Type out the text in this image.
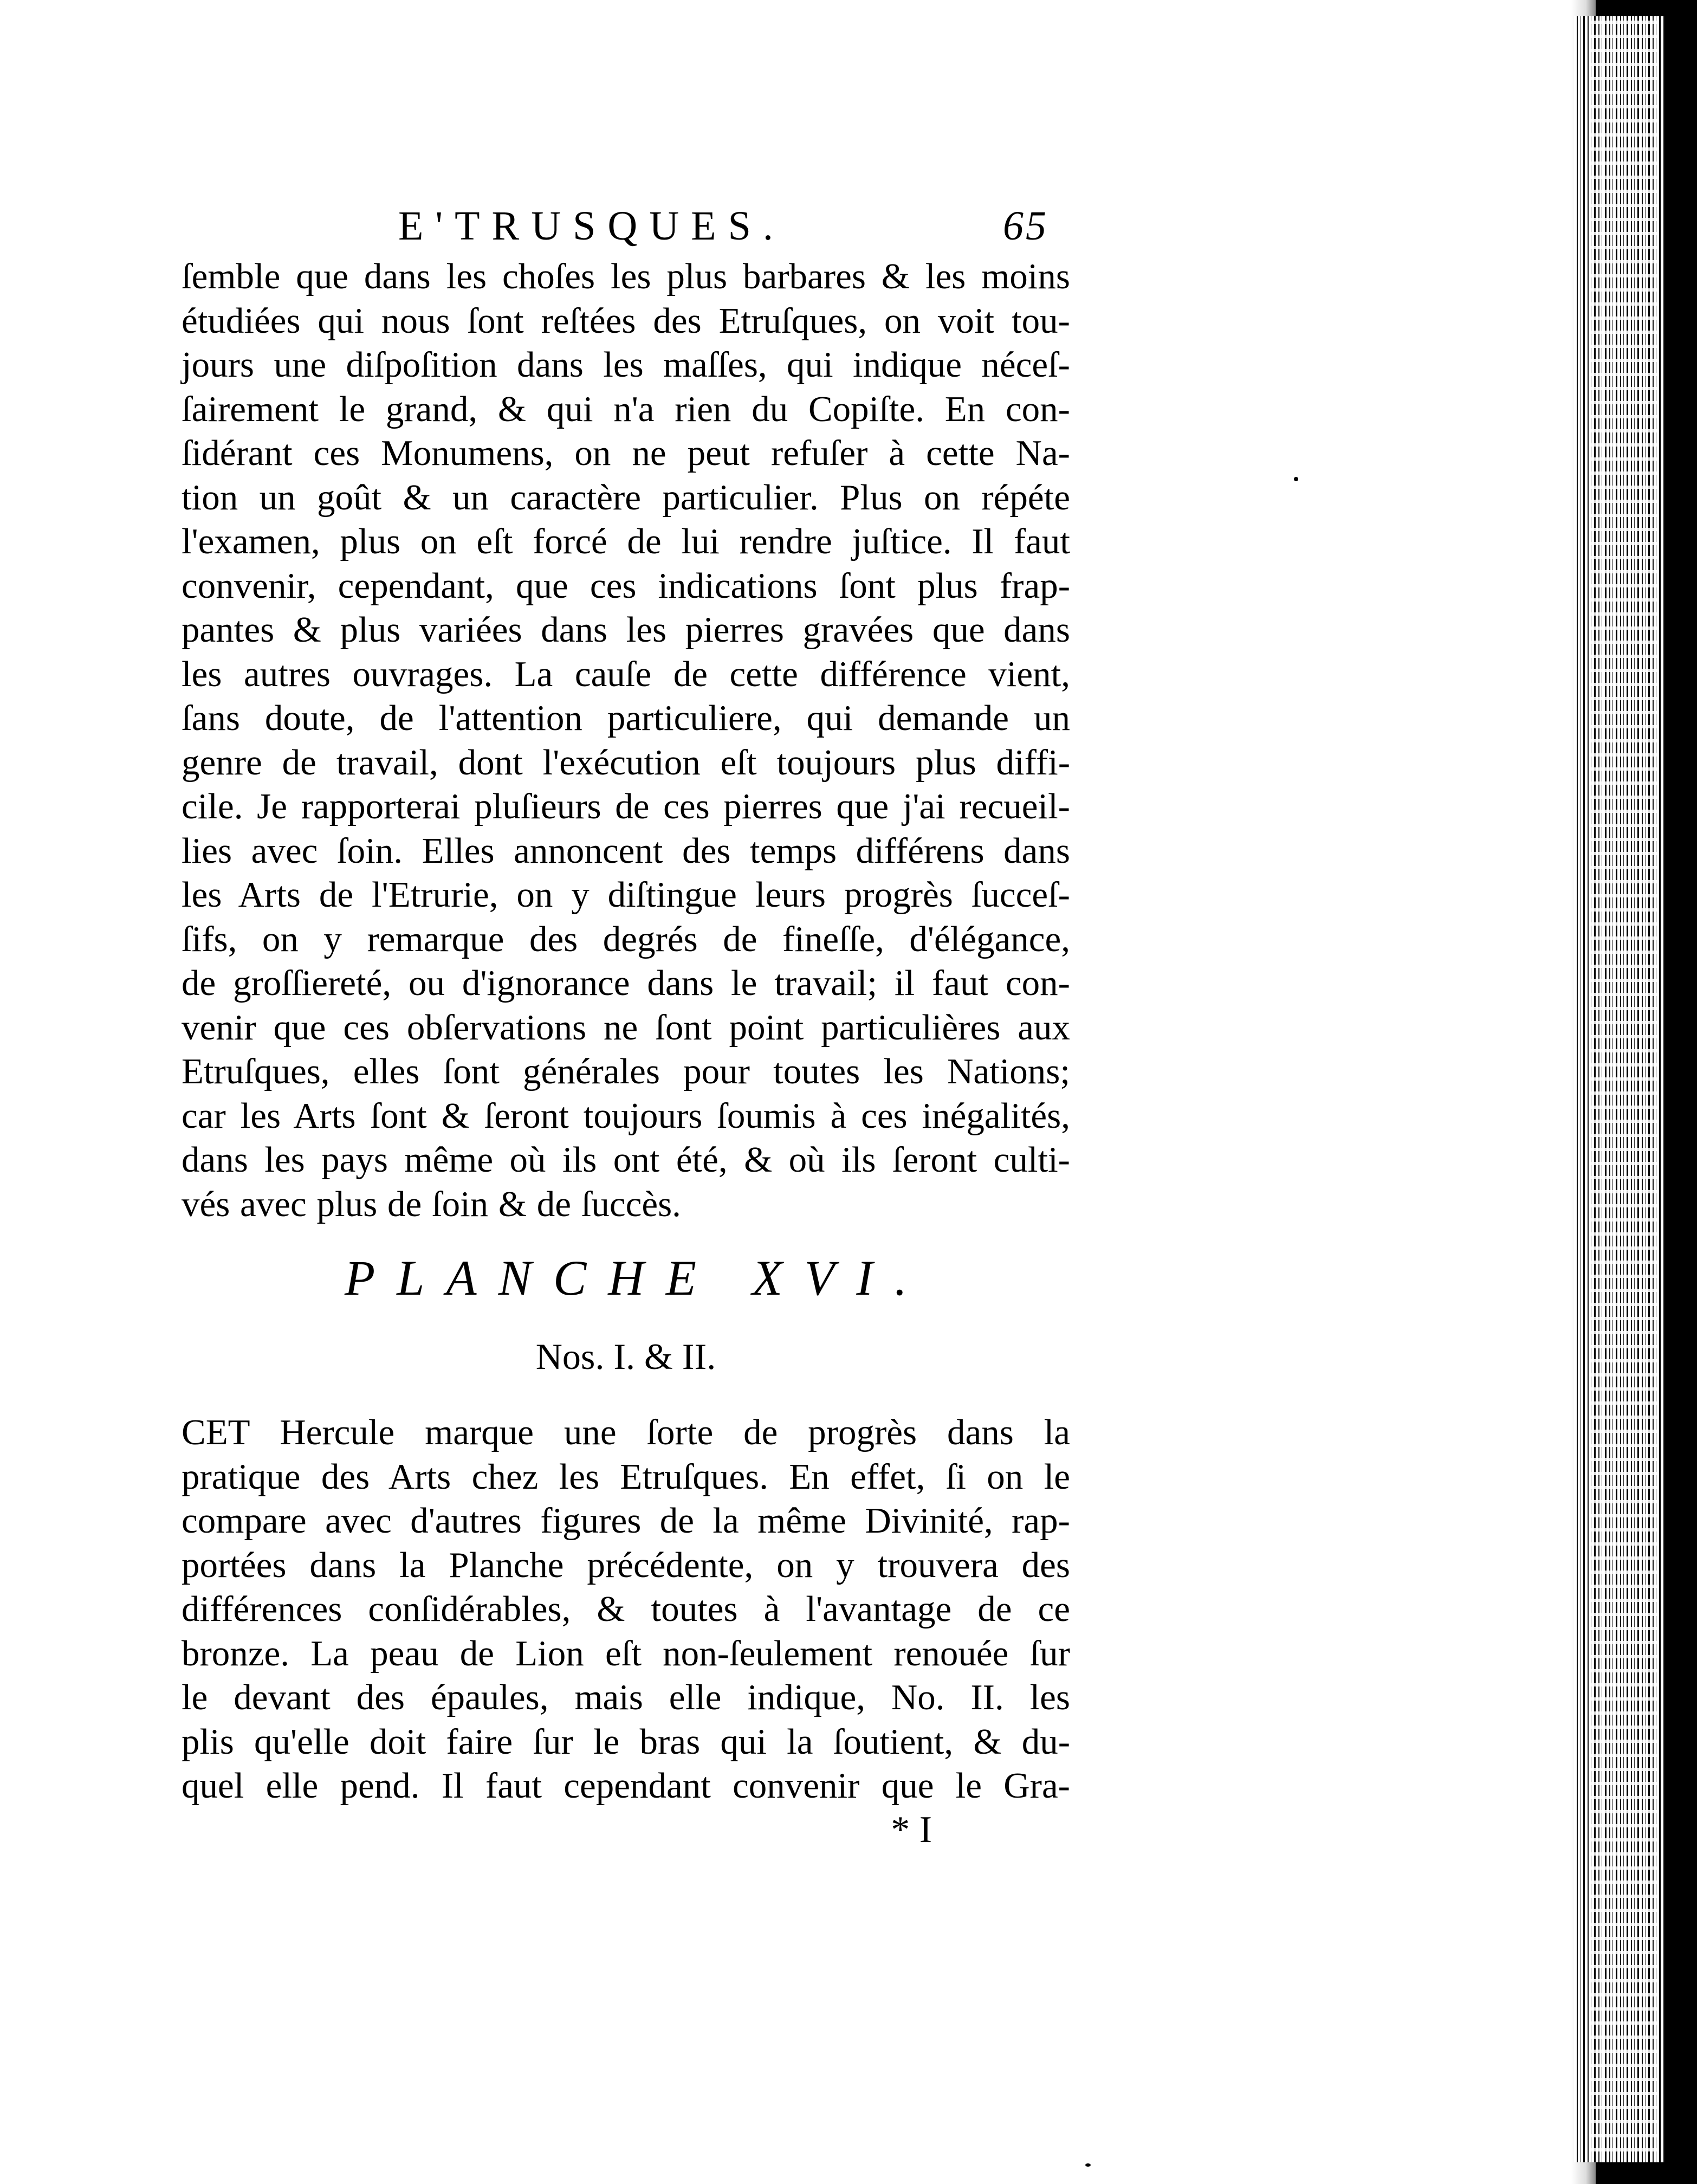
E'TRUSQUES.	65
ſemble que dans les choſes les plus barbares & les moins
étudiées qui nous ſont reſtées des Etruſques, on voit tou-
jours une diſpoſition dans les maſſes, qui indique néceſ-
ſairement le grand, & qui n'a rien du Copiſte. En con-
ſidérant ces Monumens, on ne peut refuſer à cette Na-
tion un goût & un caractère particulier. Plus on répéte
l'examen, plus on eſt forcé de lui rendre juſtice. Il faut
convenir, cependant, que ces indications ſont plus frap-
pantes & plus variées dans les pierres gravées que dans
les autres ouvrages. La cauſe de cette différence vient,
ſans doute, de l'attention particuliere, qui demande un
genre de travail, dont l'exécution eſt toujours plus diffi-
cile. Je rapporterai pluſieurs de ces pierres que j'ai recueil-
lies avec ſoin. Elles annoncent des temps différens dans
les Arts de l'Etrurie, on y diſtingue leurs progrès ſucceſ-
ſifs, on y remarque des degrés de fineſſe, d'élégance,
de groſſiereté, ou d'ignorance dans le travail; il faut con-
venir que ces obſervations ne ſont point particulières aux
Etruſques, elles ſont générales pour toutes les Nations;
car les Arts ſont & ſeront toujours ſoumis à ces inégalités,
dans les pays même où ils ont été, & où ils ſeront culti-
vés avec plus de ſoin & de ſuccès.
PLANCHE XVI.
Nos. I. & II.
CET Hercule marque une ſorte de progrès dans la
pratique des Arts chez les Etruſques. En effet, ſi on le
compare avec d'autres figures de la même Divinité, rap-
portées dans la Planche précédente, on y trouvera des
différences conſidérables, & toutes à l'avantage de ce
bronze. La peau de Lion eſt non-ſeulement renouée ſur
le devant des épaules, mais elle indique, No. II. les
plis qu'elle doit faire ſur le bras qui la ſoutient, & du-
quel elle pend. Il faut cependant convenir que le Gra-
* I
